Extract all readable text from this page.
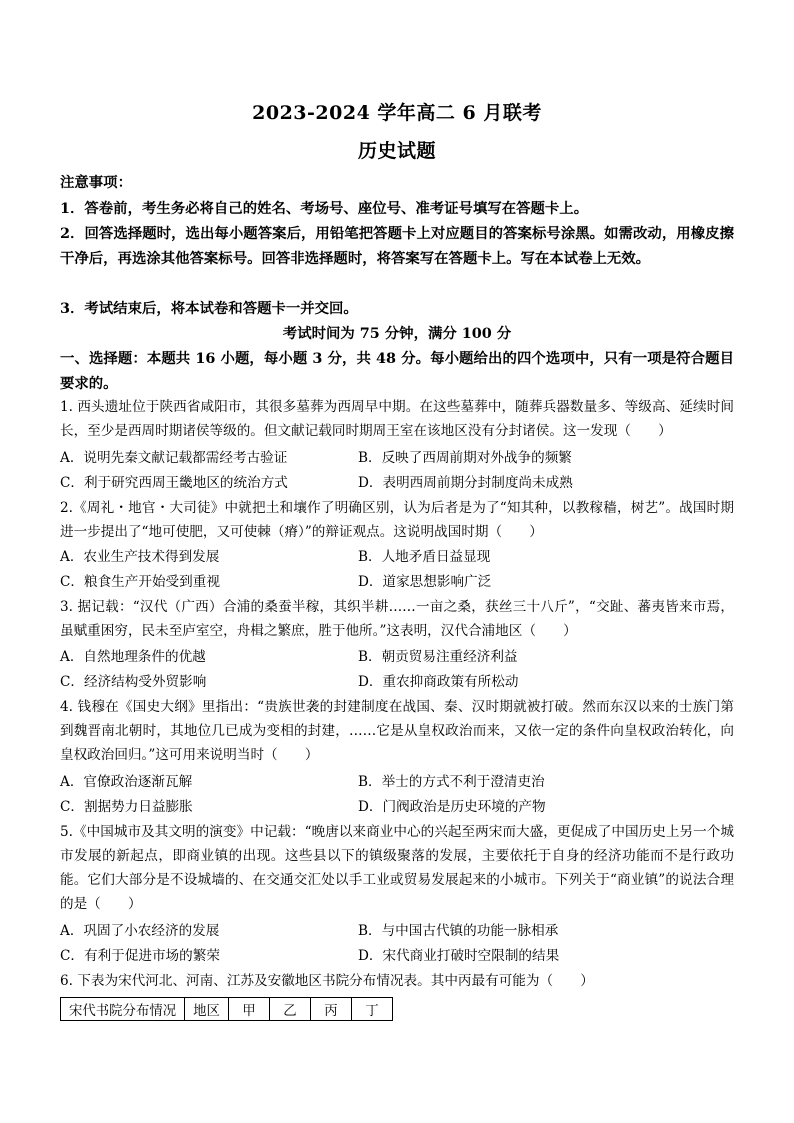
2023-2024 学年高二 6 月联考
历史试题
注意事项：
1．答卷前，考生务必将自己的姓名、考场号、座位号、准考证号填写在答题卡上。
2．回答选择题时，选出每小题答案后，用铅笔把答题卡上对应题目的答案标号涂黑。如需改动，用橡皮擦干净后，再选涂其他答案标号。回答非选择题时，将答案写在答题卡上。写在本试卷上无效。
3．考试结束后，将本试卷和答题卡一并交回。
考试时间为 75 分钟，满分 100 分
一、选择题：本题共 16 小题，每小题 3 分，共 48 分。每小题给出的四个选项中，只有一项是符合题目要求的。
1. 西头遗址位于陕西省咸阳市，其很多墓葬为西周早中期。在这些墓葬中，随葬兵器数量多、等级高、延续时间长，至少是西周时期诸侯等级的。但文献记载同时期周王室在该地区没有分封诸侯。这一发现（　　）
A．说明先秦文献记载都需经考古验证	B．反映了西周前期对外战争的频繁
C．利于研究西周王畿地区的统治方式	D．表明西周前期分封制度尚未成熟
2.《周礼・地官・大司徒》中就把土和壤作了明确区别，认为后者是为了“知其种，以教稼穑，树艺”。战国时期进一步提出了“地可使肥，又可使棘（瘠）”的辩证观点。这说明战国时期（　　）
A．农业生产技术得到发展	B．人地矛盾日益显现
C．粮食生产开始受到重视	D．道家思想影响广泛
3. 据记载：“汉代（广西）合浦的桑蚕半稼，其织半耕……一亩之桑，获丝三十八斤”，“交趾、蕃夷皆来市焉，虽赋重困穷，民未至庐室空，舟楫之繁庶，胜于他所。”这表明，汉代合浦地区（　　）
A．自然地理条件的优越	B．朝贡贸易注重经济利益
C．经济结构受外贸影响	D．重农抑商政策有所松动
4. 钱穆在《国史大纲》里指出：“贵族世袭的封建制度在战国、秦、汉时期就被打破。然而东汉以来的士族门第到魏晋南北朝时，其地位几已成为变相的封建，……它是从皇权政治而来，又依一定的条件向皇权政治转化，向皇权政治回归。”这可用来说明当时（　　）
A．官僚政治逐渐瓦解	B．举士的方式不利于澄清吏治
C．割据势力日益膨胀	D．门阀政治是历史环境的产物
5.《中国城市及其文明的演变》中记载：“晚唐以来商业中心的兴起至两宋而大盛，更促成了中国历史上另一个城市发展的新起点，即商业镇的出现。这些县以下的镇级聚落的发展，主要依托于自身的经济功能而不是行政功能。它们大部分是不设城墙的、在交通交汇处以手工业或贸易发展起来的小城市。下列关于“商业镇”的说法合理的是（　　）
A．巩固了小农经济的发展	B．与中国古代镇的功能一脉相承
C．有利于促进市场的繁荣	D．宋代商业打破时空限制的结果
6. 下表为宋代河北、河南、江苏及安徽地区书院分布情况表。其中丙最有可能为（　　）
宋代书院分布情况	地区	甲	乙	丙	丁
